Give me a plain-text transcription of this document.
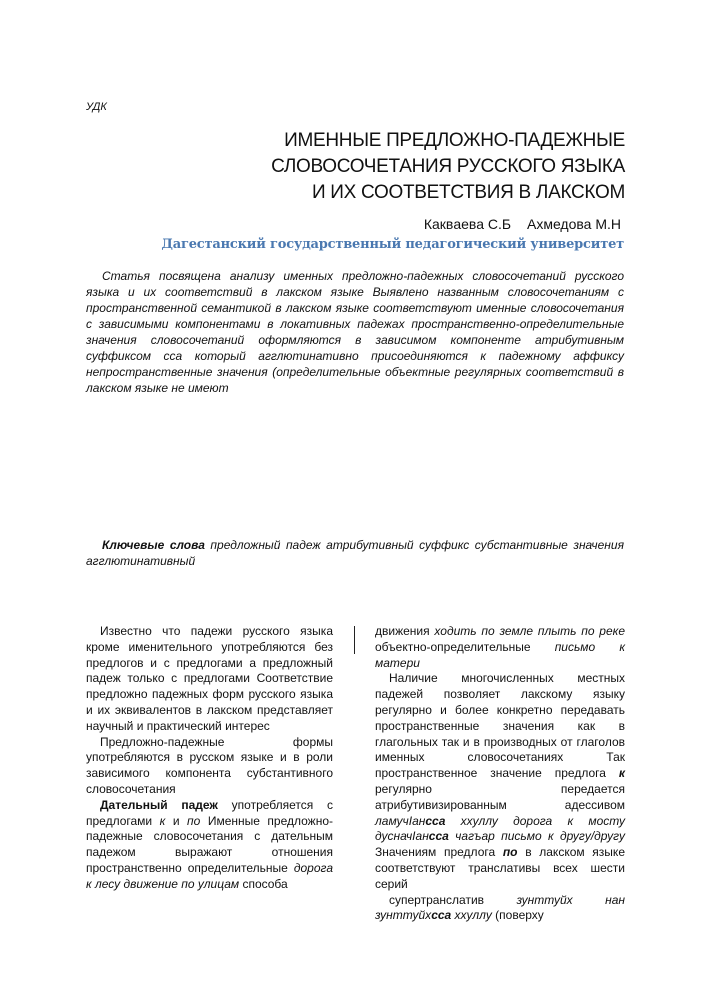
УДК
ИМЕННЫЕ ПРЕДЛОЖНО-ПАДЕЖНЫЕ
СЛОВОСОЧЕТАНИЯ РУССКОГО ЯЗЫКА
И ИХ СООТВЕТСТВИЯ В ЛАКСКОМ
Каквaева С.Б Ахмедова М.Н
Дагестанский государственный педагогический университет

Статья посвящена анализу именных предложно-падежных словосочетаний русского языка и их соответствий в лакском языке Выявлено названным словосочетаниям с пространственной семантикой в лакском языке соответствуют именные словосочетания с зависимыми компонентами в локативных падежах пространственно-определительные значения словосочетаний оформляются в зависимом компоненте атрибутивным суффиксом сса который агглютинативно присоединяются к падежному аффиксу непространственные значения (определительные объектные регулярных соответствий в лакском языке не имеют

Ключевые слова предложный падеж атрибутивный суффикс субстантивные значения агглютинативный

Известно что падежи русского языка кроме именительного употребляются без предлогов и с предлогами а предложный падеж только с предлогами Соответствие предложно падежных форм русского языка и их эквивалентов в лакском представляет научный и практический интерес

Предложно-падежные формы употребляются в русском языке и в роли зависимого компонента субстантивного словосочетания

Дательный падеж употребляется с предлогами к и по Именные предложно-падежные словосочетания с дательным падежом выражают отношения пространственно определительные дорога к лесу движение по улицам способа

движения ходить по земле плыть по реке объектно-определительные письмо к матери

Наличие многочисленных местных падежей позволяет лакскому языку регулярно и более конкретно передавать пространственные значения как в глагольных так и в производных от глаголов именных словосочетаниях Так пространственное значение предлога к регулярно передается атрибутивизированным адессивом ламучIансса хxуллу дорога к мосту дусначIансса чагъар письмо к другу/другу Значениям предлога по в лакском языке соответствуют транслативы всех шести серий

супертранслатив зунттуйх нан зунттуйхсса хxуллу (поверху
